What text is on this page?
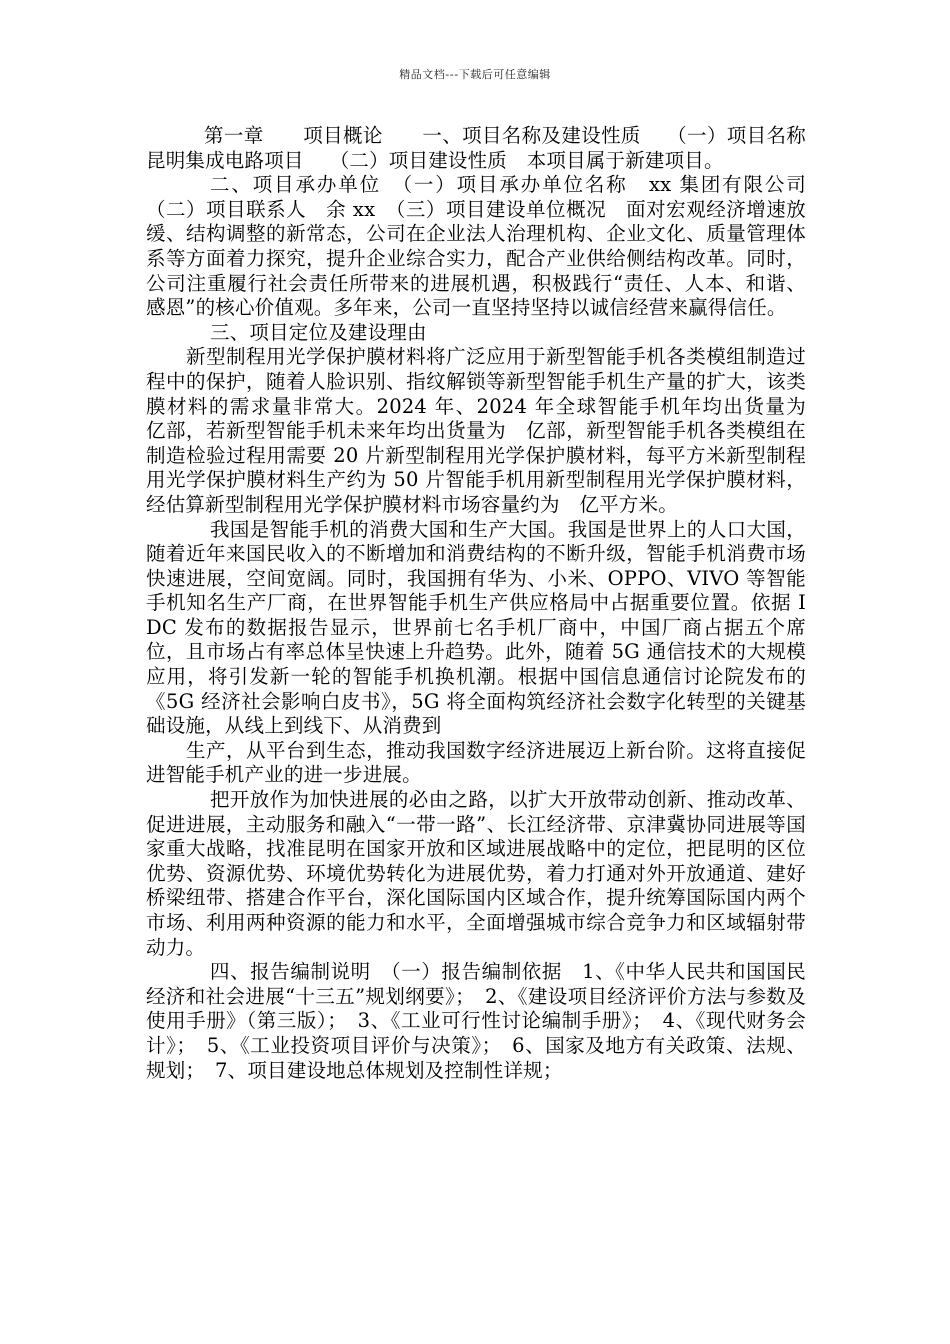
精品文档---下载后可任意编辑

第一章　　项目概论　　一、项目名称及建设性质　 （一）项目名称　昆明集成电路项目　 （二）项目建设性质　本项目属于新建项目。

二、项目承办单位　（一）项目承办单位名称　xx 集团有限公司　（二）项目联系人　余 xx　（三）项目建设单位概况　面对宏观经济增速放缓、结构调整的新常态，公司在企业法人治理机构、企业文化、质量管理体系等方面着力探究，提升企业综合实力，配合产业供给侧结构改革。同时，公司注重履行社会责任所带来的进展机遇，积极践行“责任、人本、和谐、感恩”的核心价值观。多年来，公司一直坚持坚持以诚信经营来赢得信任。

三、项目定位及建设理由

新型制程用光学保护膜材料将广泛应用于新型智能手机各类模组制造过程中的保护，随着人脸识别、指纹解锁等新型智能手机生产量的扩大，该类膜材料的需求量非常大。2024 年、2024 年全球智能手机年均出货量为　亿部，若新型智能手机未来年均出货量为　亿部，新型智能手机各类模组在制造检验过程用需要 20 片新型制程用光学保护膜材料，每平方米新型制程用光学保护膜材料生产约为 50 片智能手机用新型制程用光学保护膜材料，经估算新型制程用光学保护膜材料市场容量约为　亿平方米。

我国是智能手机的消费大国和生产大国。我国是世界上的人口大国，随着近年来国民收入的不断增加和消费结构的不断升级，智能手机消费市场快速进展，空间宽阔。同时，我国拥有华为、小米、OPPO、VIVO 等智能手机知名生产厂商，在世界智能手机生产供应格局中占据重要位置。依据 IDC 发布的数据报告显示，世界前七名手机厂商中，中国厂商占据五个席位，且市场占有率总体呈快速上升趋势。此外，随着 5G 通信技术的大规模应用，将引发新一轮的智能手机换机潮。根据中国信息通信讨论院发布的《5G 经济社会影响白皮书》，5G 将全面构筑经济社会数字化转型的关键基础设施，从线上到线下、从消费到

生产，从平台到生态，推动我国数字经济进展迈上新台阶。这将直接促进智能手机产业的进一步进展。

把开放作为加快进展的必由之路，以扩大开放带动创新、推动改革、促进进展，主动服务和融入“一带一路”、长江经济带、京津冀协同进展等国家重大战略，找准昆明在国家开放和区域进展战略中的定位，把昆明的区位优势、资源优势、环境优势转化为进展优势，着力打通对外开放通道、建好桥梁纽带、搭建合作平台，深化国际国内区域合作，提升统筹国际国内两个市场、利用两种资源的能力和水平，全面增强城市综合竞争力和区域辐射带动力。

四、报告编制说明　（一）报告编制依据　1、《中华人民共和国国民经济和社会进展“十三五”规划纲要》；　2、《建设项目经济评价方法与参数及使用手册》（第三版）；　3、《工业可行性讨论编制手册》；　4、《现代财务会计》；　5、《工业投资项目评价与决策》；　6、国家及地方有关政策、法规、规划；　7、项目建设地总体规划及控制性详规；
